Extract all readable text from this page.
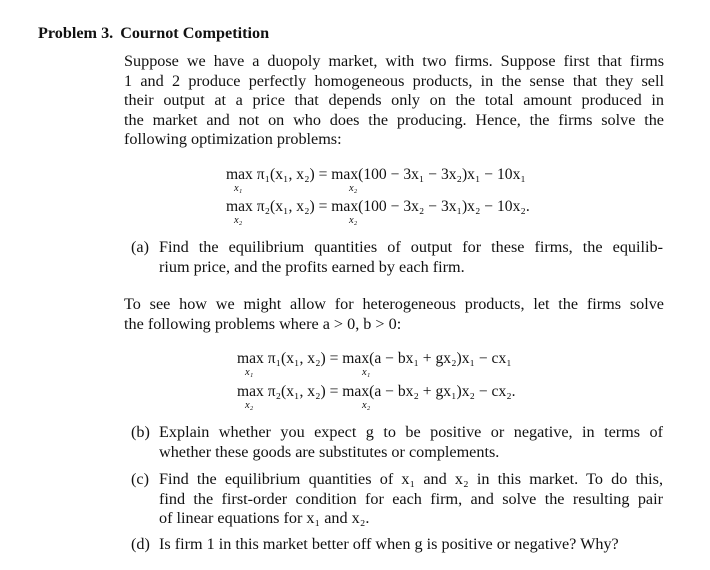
Problem 3. Cournot Competition
Suppose we have a duopoly market, with two firms. Suppose first that firms
1 and 2 produce perfectly homogeneous products, in the sense that they sell
their output at a price that depends only on the total amount produced in
the market and not on who does the producing. Hence, the firms solve the
following optimization problems:
max π₁(x₁, x₂) = max(100 − 3x₁ − 3x₂)x₁ − 10x₁
x₁	x₂
max π₂(x₁, x₂) = max(100 − 3x₂ − 3x₁)x₂ − 10x₂.
x₂	x₂
(a) Find the equilibrium quantities of output for these firms, the equilib-
rium price, and the profits earned by each firm.
To see how we might allow for heterogeneous products, let the firms solve
the following problems where a > 0, b > 0:
max π₁(x₁, x₂) = max(a − bx₁ + gx₂)x₁ − cx₁
x₁	x₁
max π₂(x₁, x₂) = max(a − bx₂ + gx₁)x₂ − cx₂.
x₂	x₂
(b) Explain whether you expect g to be positive or negative, in terms of
whether these goods are substitutes or complements.
(c) Find the equilibrium quantities of x₁ and x₂ in this market. To do this,
find the first-order condition for each firm, and solve the resulting pair
of linear equations for x₁ and x₂.
(d) Is firm 1 in this market better off when g is positive or negative? Why?
